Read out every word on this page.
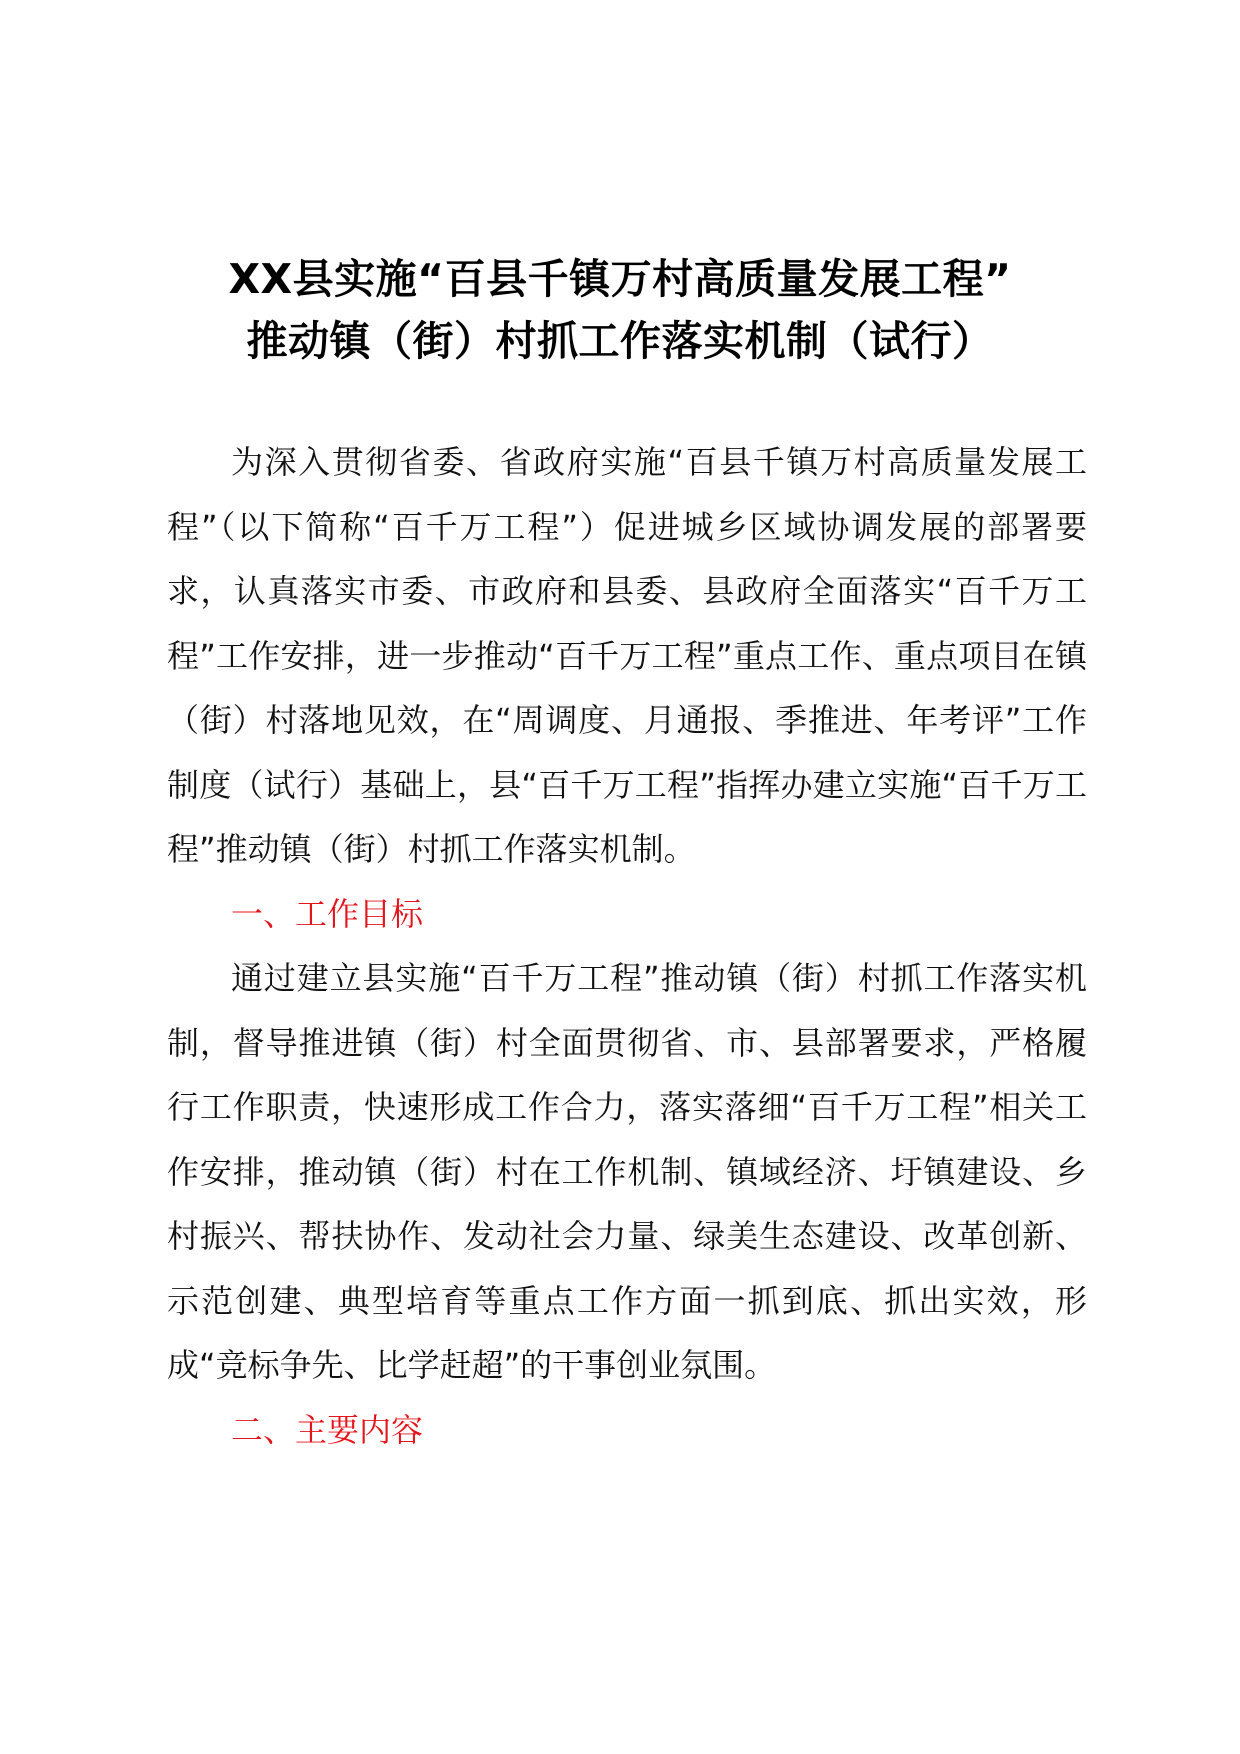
XX县实施“百县千镇万村高质量发展工程”
推动镇（街）村抓工作落实机制（试行）

为深入贯彻省委、省政府实施“百县千镇万村高质量发展工程”（以下简称“百千万工程”）促进城乡区域协调发展的部署要求，认真落实市委、市政府和县委、县政府全面落实“百千万工程”工作安排，进一步推动“百千万工程”重点工作、重点项目在镇（街）村落地见效，在“周调度、月通报、季推进、年考评”工作制度（试行）基础上，县“百千万工程”指挥办建立实施“百千万工程”推动镇（街）村抓工作落实机制。

一、工作目标

通过建立县实施“百千万工程”推动镇（街）村抓工作落实机制，督导推进镇（街）村全面贯彻省、市、县部署要求，严格履行工作职责，快速形成工作合力，落实落细“百千万工程”相关工作安排，推动镇（街）村在工作机制、镇域经济、圩镇建设、乡村振兴、帮扶协作、发动社会力量、绿美生态建设、改革创新、示范创建、典型培育等重点工作方面一抓到底、抓出实效，形成“竞标争先、比学赶超”的干事创业氛围。

二、主要内容
